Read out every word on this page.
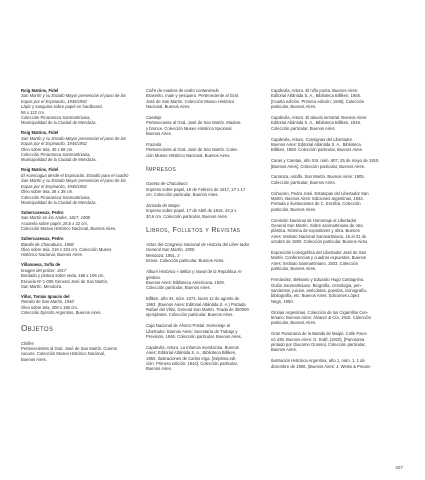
Roig Matóns, Fidel

San Martín y su Estado Mayor presencian el paso de las tropas por el Espinacito, 1945/1952

Lápiz y sanguina sobre papel en hardboard,

56 x 122 cm.

Colección Pinacoteca Sanmartiniana,

Municipalidad de la Ciudad de Mendoza.

Roig Matóns, Fidel

San Martín y su Estado Mayor presencian el paso de las tropas por el Espinacito, 1945/1952

Óleo sobre tela, 40 x 68 cm.

Colección Pinacoteca Sanmartiniana,

Municipalidad de la Ciudad de Mendoza.

Roig Matóns, Fidel

El Acencagua desde el Espinacito. Estudio para el cuadro San Martín y su Estado Mayor presencian el paso de las tropas por el Espinacito, 1945/1952

Óleo sobre tela, 28 x 39 cm.

Colección Pinacoteca Sanmartiniana,

Municipalidad de la Ciudad de Mendoza.

Subercaseaux, Pedro

San Martín en los Andes, 1817, 1908

Acuarela sobre papel, 28,5 x 22 cm.

Colección Museo Histórico Nacional, Buenos Aires.

Subercaseaux, Pedro

Batalla de Chacabuco, 1908

Óleo sobre tela, 215 x 324 cm. Colección Museo

Histórico Nacional, Buenos Aires.

Villanueva, Sofía de

Imagen del prócer, 1917

Bordado y pintura sobre seda, 166 x 106 cm.

Escuela Nº 1-006 General José de San Martín,

San Martín, Mendoza.

Villar, Tomás Ignacio del

Retrato de San Martín, 1940

Óleo sobre tela, 208 x 150 cm.

Colección Ejército Argentino, Buenos Aires.

Objetos

Chifles

Pertenecientes al Gral. José de San Martín. Cuerno

vacuno. Colección Museo Histórico Nacional,

Buenos Aires.

Cofre de madera de cedro conteniendo

Braserito, mate y yesquero. Perteneciente al Gral.

José de San Martín. Colección Museo Histórico

Nacional, Buenos Aires.

Catalejo

Perteneciente al Gral. José de San Martín. Madera

y bronce. Colección Museo Histórico Nacional,

Buenos Aires.

Frazada

Perteneciente al Gral. José de San Martín. Colec-

ción Museo Histórico Nacional, Buenos Aires.

Impresos

Gaceta de Chacabuco

Impreso sobre papel, 16 de Febrero de 1817, 27 x 17

cm. Colección particular, Buenos Aires.

Jornada de Maipo

Impreso sobre papel, 17 de Abril de 1818, 43,3 x

30,6 cm. Colección particular, Buenos Aires.

Libros, Folletos y Revistas

Actas del Congreso Nacional de Historia del Liber-tador General San Martín, 1950.

Mendoza: 1951, 2

tomos. Colección particular, Buenos Aires.

Álbum Histórico « Militar y Naval de la República Ar-gentina.

Buenos Aires: Biblioteca Americana, 1929.

Colección particular, Buenos Aires.

Billken, año 44, núm. 2274, lunes 12 de agosto de

1963. (Buenos Aires: Editorial Atlántida S. A.) Portada

Rafael del Villar, General San Martín. Tirada de 350000

ejemplares. Colección particular, Buenos Aires.

Caja Nacional de Ahorro Postal. Homenaje al

Libertador. Buenos Aires: Secretaría de Trabajo y

Previsión, 1946. Colección particular, Buenos Aires.

Capdevila, Arturo. La infancia mendocina. Buenos

Aires: Editorial Atlántida S. A., Biblioteca Billiken,

1950. Ilustraciones de Carlos Iriga. [Séptima edi-

ción. Primera edición: 1944]. Colección particular,

Buenos Aires.

Capdevila, Arturo. El niño poeta. Buenos Aires:

Editorial Atlántida S. A., Biblioteca Billiken, 1955.

[Cuarta edición. Primera edición: 1945]. Colección

particular, Buenos Aires.

Capdevila, Arturo. El abuelo inmortal. Buenos Aires:

Editorial Atlántida S. A., Biblioteca Billiken, 1946.

Colección particular, Buenos Aires.

Capdevila, Arturo. Consignas del Libertador.

Buenos Aires: Editorial Atlántida S. A., Biblioteca

Billiken, 1960. Colección particular, Buenos Aires.

Caras y Caretas, año XIII, núm. 607, 25 de mayo de 1910.

[Buenos Aires]. Colección particular, Buenos Aires.

Carranza, Adolfo. San Martín. Buenos Aires: 1905.

Colección particular, Buenos Aires.

Cohucelo, Pedro José. Estampas del Libertador San

Martín. Buenos Aires: Ediciones argentinas, 1942.

Portada e ilustraciones de C. Escribá. Colección

particular, Buenos Aires.

Comisión Nacional de Homenaje al Libertador

General San Martín. Sobre sanmartiniana de otra

plástica. Nómina de expositores y obra. Buenos

Aires: Instituto Nacional Sanmartiniano, 16 al 31 de

octubre de 1950. Colección particular, Buenos Aires.

Exposición iconográfica del Libertador José de San

Martín. Conferencias y cuadros expuestos. Buenos

Aires: Instituto Sanmartiniano, 1933. Colección

particular, Buenos Aires.

Fernández, Belisario y Eduardo Hugo Castagnino.

Guión Sanmartiniano. Biografía, cronología, pen-

samientos, juicios, anécdotas, poesías, iconografía,

bibliografía, etc. Buenos Aires: Ediciones López

Negri, 1950.

Glorias Argentinas. Colección de los Cigarrillos Cen-

tenario. Buenos Aires: Álvarez & Cía, 1910. Colección

particular, Buenos Aires.

Gran Panorama de la Batalla de Maipú. Colle Paco-

nó 436. Buenos Aires: G. Kraft, [1910]. [Panorama

pintado por Giacomo Grosso]. Colección particular,

Buenos Aires.

Ilustración Histórica Argentina, año 1, núm. 1, 1 de

diciembre de 1908. (Buenos Aires: J. Weiss & Preusc-

207
